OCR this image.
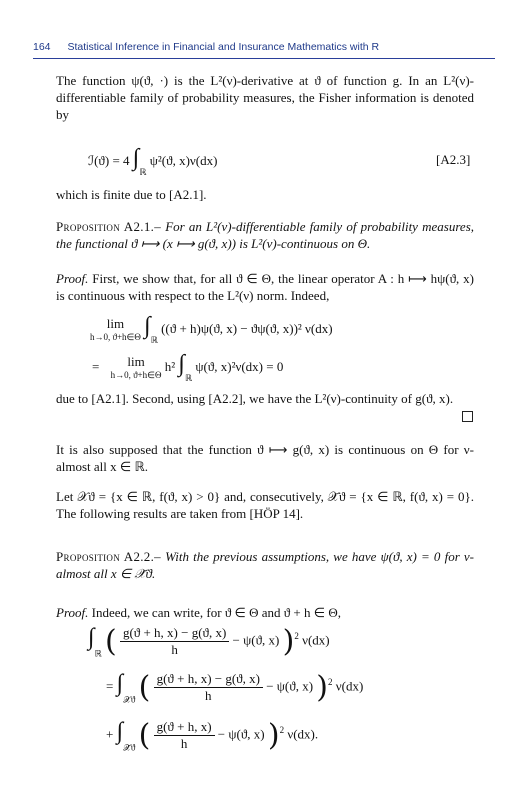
164 Statistical Inference in Financial and Insurance Mathematics with R
The function ψ(ϑ, ·) is the L²(ν)-derivative at ϑ of function g. In an L²(ν)-differentiable family of probability measures, the Fisher information is denoted by
ℐ(ϑ) = 4 $\int_ℝ$ ψ²(ϑ, x)ν(dx)	[A2.3]
which is finite due to [A2.1].
Proposition A2.1.– For an L²(ν)-differentiable family of probability measures, the functional ϑ ⟼ (x ⟼ g(ϑ, x)) is L²(ν)-continuous on Θ.
Proof. First, we show that, for all ϑ ∈ Θ, the linear operator A : h ⟼ hψ(ϑ, x) is continuous with respect to the L²(ν) norm. Indeed,
lim
h→0, ϑ+h∈Θ $\int_ℝ$ ((ϑ + h)ψ(ϑ, x) − ϑψ(ϑ, x))² ν(dx)
=	lim
h→0, ϑ+h∈Θ
h² $\int_ℝ$ ψ(ϑ, x)²ν(dx) = 0
due to [A2.1]. Second, using [A2.2], we have the L²(ν)-continuity of g(ϑ, x).
It is also supposed that the function ϑ ⟼ g(ϑ, x) is continuous on Θ for ν-almost all x ∈ ℝ.
Let 𝒳ϑ = {x ∈ ℝ, f(ϑ, x) > 0} and, consecutively, 𝒳̄ϑ = {x ∈ ℝ, f(ϑ, x) = 0}. The following results are taken from [HÖP 14].
Proposition A2.2.– With the previous assumptions, we have ψ(ϑ, x) = 0 for ν-almost all x ∈ 𝒳̄ϑ.
Proof. Indeed, we can write, for ϑ ∈ Θ and ϑ + h ∈ Θ,
$\int_ℝ$ ( $\frac{g(ϑ + h, x) - g(ϑ, x)}{h} - \psi(ϑ$, x) )$^2$ ν(dx)
= $\int_{𝒳ϑ}$ ( $\frac{g(ϑ + h, x) - g(ϑ, x)}{h} - \psi(ϑ$, x) )$^2$ ν(dx)
+ $\int_{𝒳̄ϑ}$ ( $\frac{g(ϑ + h, x)}{h} - \psi(ϑ$, x) )$^2$ ν(dx).
